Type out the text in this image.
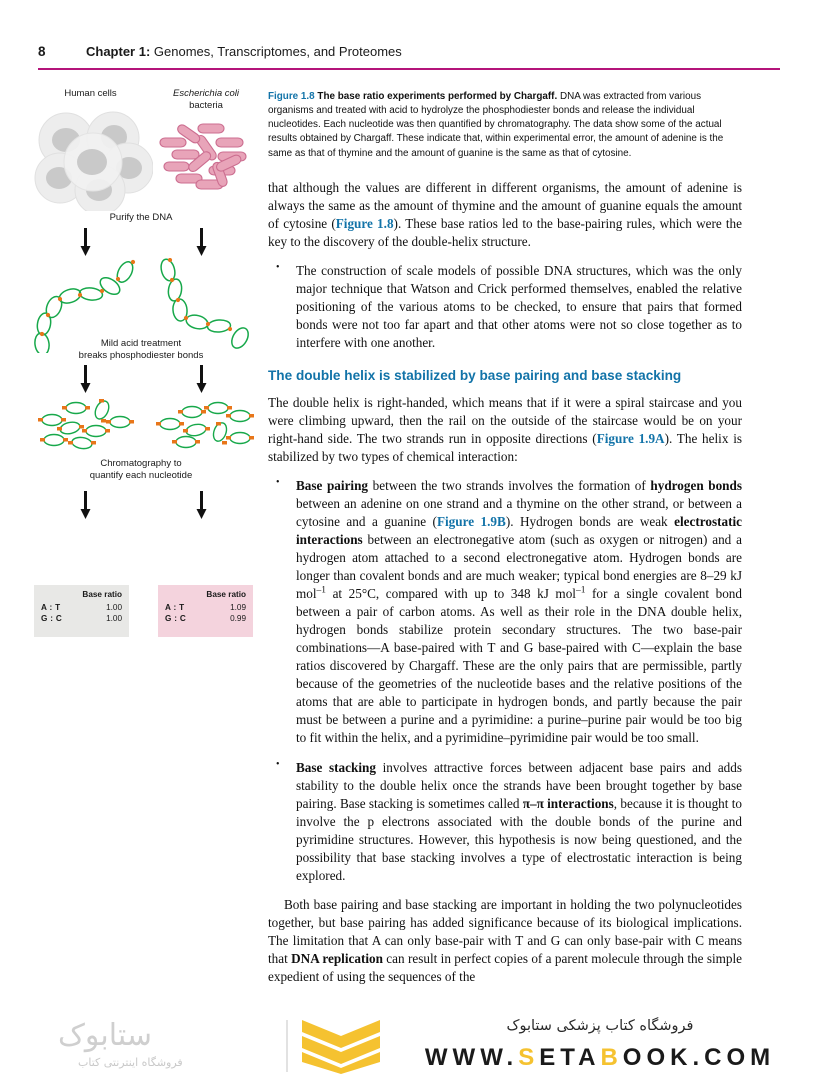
8	Chapter 1: Genomes, Transcriptomes, and Proteomes
Human cells	Escherichia coli
bacteria
Purify the DNA
Mild acid treatment
breaks phosphodiester bonds
Chromatography to
quantify each nucleotide
Base ratio
A : T	1.00
G : C	1.00
Base ratio
A : T	1.09
G : C	0.99
Figure 1.8 The base ratio experiments performed by Chargaff. DNA was extracted from various organisms and treated with acid to hydrolyze the phosphodiester bonds and release the individual nucleotides. Each nucleotide was then quantified by chromatography. The data show some of the actual results obtained by Chargaff. These indicate that, within experimental error, the amount of adenine is the same as that of thymine and the amount of guanine is the same as that of cytosine.

that although the values are different in different organisms, the amount of adenine is always the same as the amount of thymine and the amount of guanine equals the amount of cytosine (Figure 1.8). These base ratios led to the base-pairing rules, which were the key to the discovery of the double-helix structure.

• The construction of scale models of possible DNA structures, which was the only major technique that Watson and Crick performed themselves, enabled the relative positioning of the various atoms to be checked, to ensure that pairs that formed bonds were not too far apart and that other atoms were not so close together as to interfere with one another.
The double helix is stabilized by base pairing and base stacking

The double helix is right-handed, which means that if it were a spiral staircase and you were climbing upward, then the rail on the outside of the staircase would be on your right-hand side. The two strands run in opposite directions (Figure 1.9A). The helix is stabilized by two types of chemical interaction:

• Base pairing between the two strands involves the formation of hydrogen bonds between an adenine on one strand and a thymine on the other strand, or between a cytosine and a guanine (Figure 1.9B). Hydrogen bonds are weak electrostatic interactions between an electronegative atom (such as oxygen or nitrogen) and a hydrogen atom attached to a second electronegative atom. Hydrogen bonds are longer than covalent bonds and are much weaker; typical bond energies are 8–29 kJ mol$^{-1}$ at 25°C, compared with up to 348 kJ mol$^{-1}$ for a single covalent bond between a pair of carbon atoms. As well as their role in the DNA double helix, hydrogen bonds stabilize protein secondary structures. The two base-pair combinations—A base-paired with T and G base-paired with C—explain the base ratios discovered by Chargaff. These are the only pairs that are permissible, partly because of the geometries of the nucleotide bases and the relative positions of the atoms that are able to participate in hydrogen bonds, and partly because the pair must be between a purine and a pyrimidine: a purine–purine pair would be too big to fit within the helix, and a pyrimidine–pyrimidine pair would be too small.
• Base stacking involves attractive forces between adjacent base pairs and adds stability to the double helix once the strands have been brought together by base pairing. Base stacking is sometimes called π–π interactions, because it is thought to involve the p electrons associated with the double bonds of the purine and pyrimidine structures. However, this hypothesis is now being questioned, and the possibility that base stacking involves a type of electrostatic interaction is being explored.

Both base pairing and base stacking are important in holding the two polynucleotides together, but base pairing has added significance because of its biological implications. The limitation that A can only base-pair with T and G can only base-pair with C means that DNA replication can result in perfect copies of a parent molecule through the simple expedient of using the sequences of the

ستابوک
فروشگاه اینترنتی کتاب
فروشگاه کتاب پزشکی ستابوک
WWW.SETABOOK.COM
